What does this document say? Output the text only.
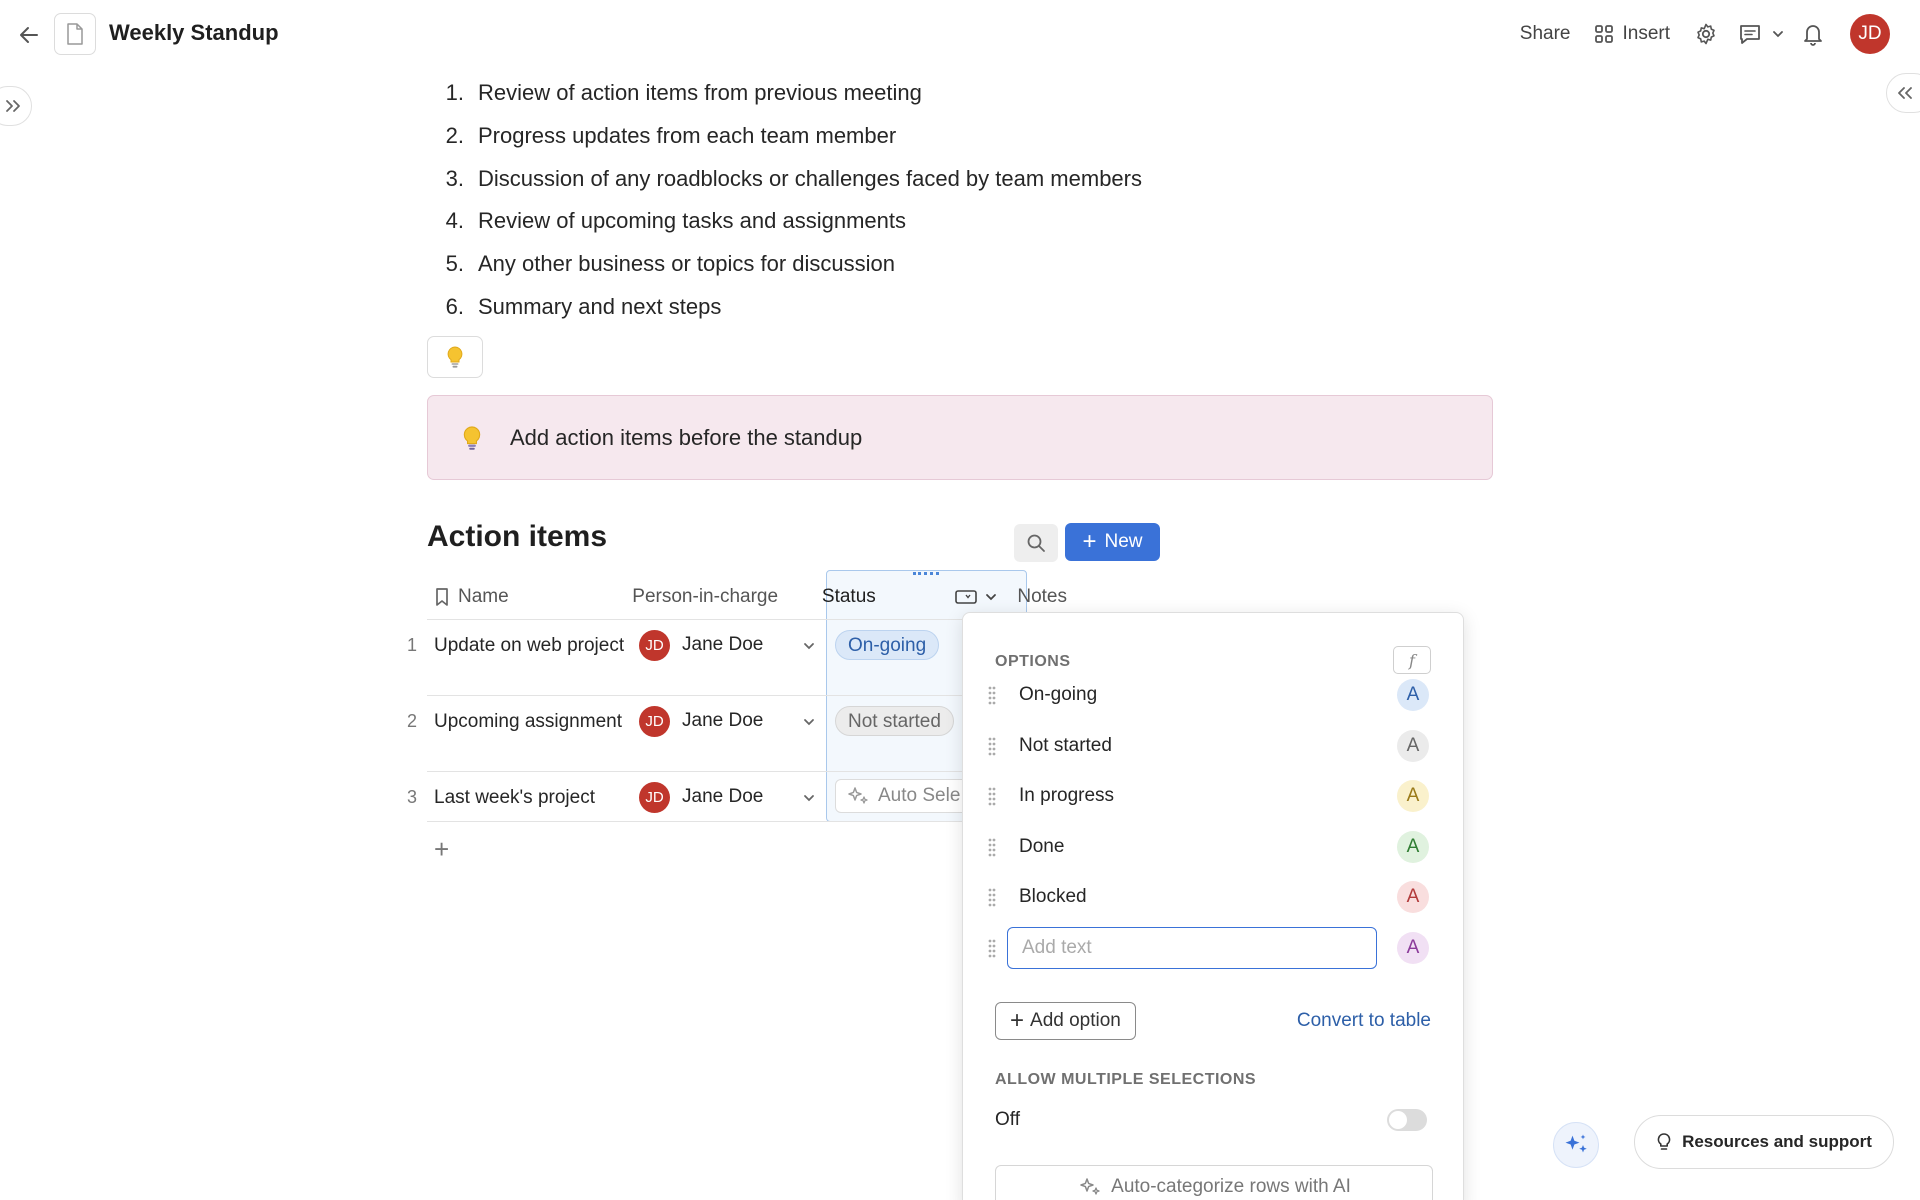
Weekly Standup	Share	Insert	JD
1. Review of action items from previous meeting
2. Progress updates from each team member
3. Discussion of any roadblocks or challenges faced by team members
4. Review of upcoming tasks and assignments
5. Any other business or topics for discussion
6. Summary and next steps
Add action items before the standup
Action items	+ New
Name	Person-in-charge	Status	Notes
1 Update on web project	JD Jane Doe	On-going
2 Upcoming assignment	JD Jane Doe	Not started
3 Last week's project	JD Jane Doe	Auto Sele
+
OPTIONS	f
On-going	A
Not started	A
In progress	A
Done	A
Blocked	A
Add text
A
+ Add option	Convert to table
ALLOW MULTIPLE SELECTIONS
Off
Auto-categorize rows with AI
Resources and support
